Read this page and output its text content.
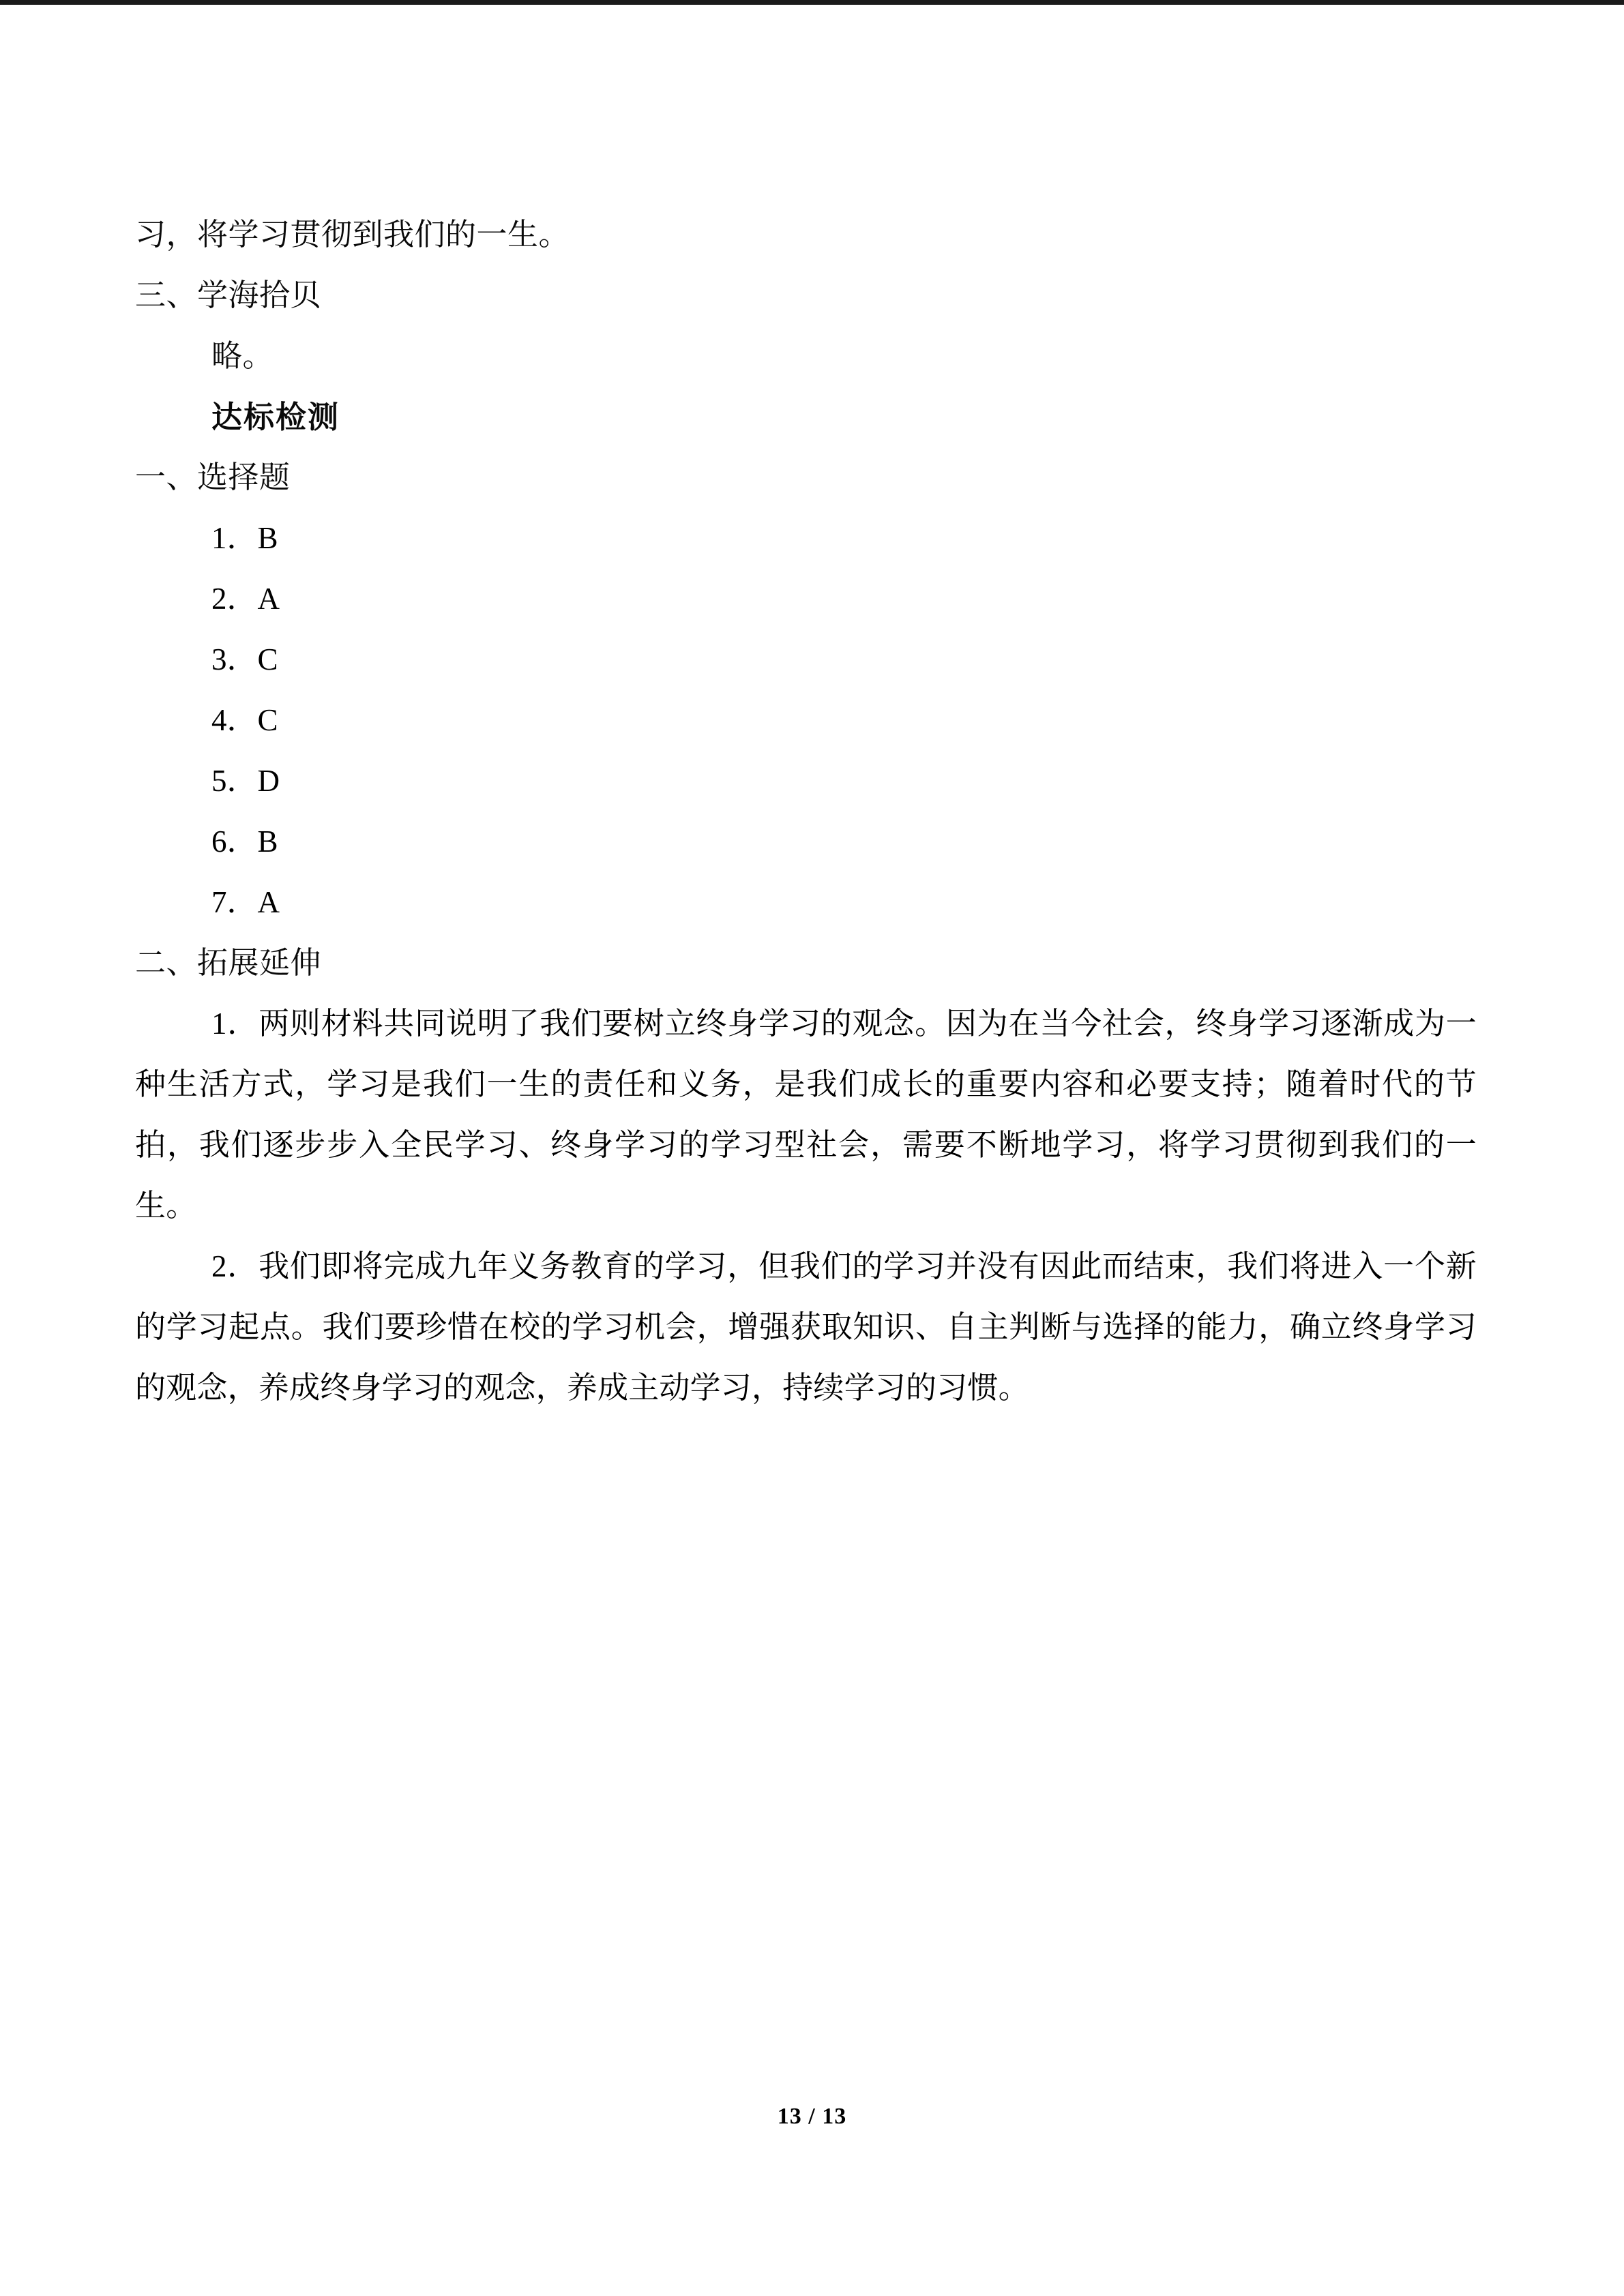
习，将学习贯彻到我们的一生。

三、学海拾贝

略。

达标检测

一、选择题

1．B
2．A
3．C
4．C
5．D
6．B
7．A

二、拓展延伸

1．两则材料共同说明了我们要树立终身学习的观念。因为在当今社会，终身学习逐渐成为一种生活方式，学习是我们一生的责任和义务，是我们成长的重要内容和必要支持；随着时代的节拍，我们逐步步入全民学习、终身学习的学习型社会，需要不断地学习，将学习贯彻到我们的一生。

2．我们即将完成九年义务教育的学习，但我们的学习并没有因此而结束，我们将进入一个新的学习起点。我们要珍惜在校的学习机会，增强获取知识、自主判断与选择的能力，确立终身学习的观念，养成终身学习的观念，养成主动学习，持续学习的习惯。

13 / 13
